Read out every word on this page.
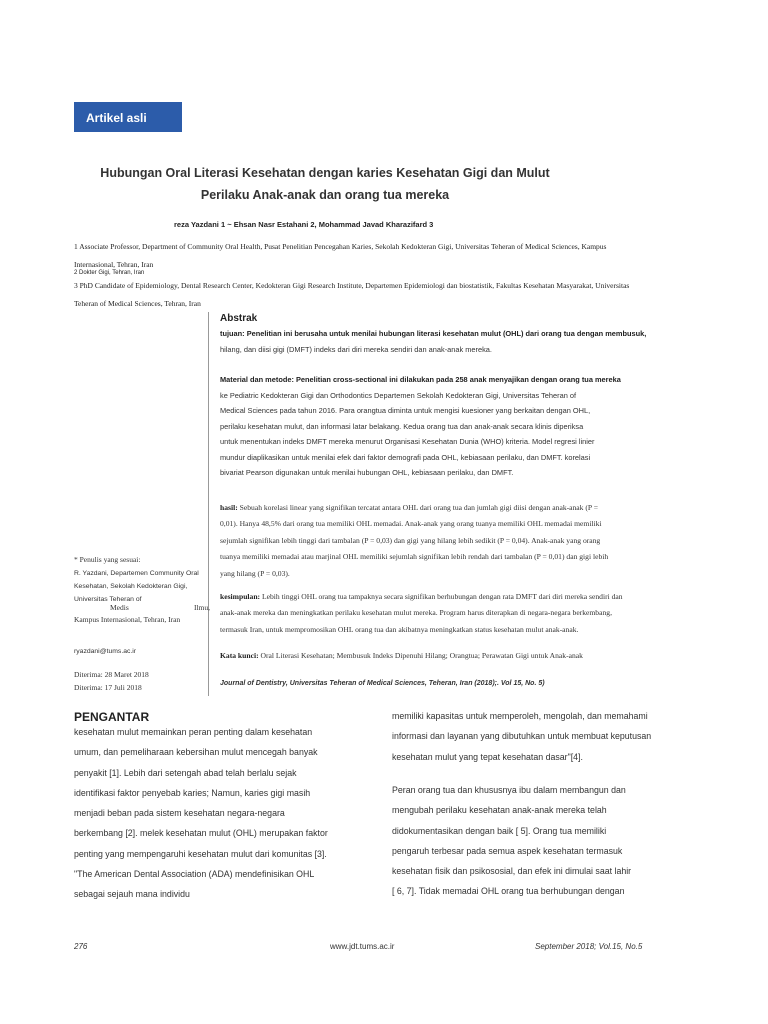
Artikel asli
Hubungan Oral Literasi Kesehatan dengan karies Kesehatan Gigi dan Mulut
Perilaku Anak-anak dan orang tua mereka
reza Yazdani 1 ~ Ehsan Nasr Estahani 2, Mohammad Javad Kharazifard 3
1 Associate Professor, Department of Community Oral Health, Pusat Penelitian Pencegahan Karies, Sekolah Kedokteran Gigi, Universitas Teheran of Medical Sciences, Kampus
Internasional, Tehran, Iran
2 Dokter Gigi, Tehran, Iran
3 PhD Candidate of Epidemiology, Dental Research Center, Kedokteran Gigi Research Institute, Departemen Epidemiologi dan biostatistik, Fakultas Kesehatan Masyarakat, Universitas
Teheran of Medical Sciences, Tehran, Iran
Abstrak
tujuan: Penelitian ini berusaha untuk menilai hubungan literasi kesehatan mulut (OHL) dari orang tua dengan membusuk,
hilang, dan diisi gigi (DMFT) indeks dari diri mereka sendiri dan anak-anak mereka.
Material dan metode: Penelitian cross-sectional ini dilakukan pada 258 anak menyajikan dengan orang tua mereka
ke Pediatric Kedokteran Gigi dan Orthodontics Departemen Sekolah Kedokteran Gigi, Universitas Teheran of
Medical Sciences pada tahun 2016. Para orangtua diminta untuk mengisi kuesioner yang berkaitan dengan OHL,
perilaku kesehatan mulut, dan informasi latar belakang. Kedua orang tua dan anak-anak secara klinis diperiksa
untuk menentukan indeks DMFT mereka menurut Organisasi Kesehatan Dunia (WHO) kriteria. Model regresi linier
mundur diaplikasikan untuk menilai efek dari faktor demografi pada OHL, kebiasaan perilaku, dan DMFT. korelasi
bivariat Pearson digunakan untuk menilai hubungan OHL, kebiasaan perilaku, dan DMFT.
hasil: Sebuah korelasi linear yang signifikan tercatat antara OHL dari orang tua dan jumlah gigi diisi dengan anak-anak (P =
0,01). Hanya 48,5% dari orang tua memiliki OHL memadai. Anak-anak yang orang tuanya memiliki OHL memadai memiliki
sejumlah signifikan lebih tinggi dari tambalan (P = 0,03) dan gigi yang hilang lebih sedikit (P = 0,04). Anak-anak yang orang
tuanya memiliki memadai atau marjinal OHL memiliki sejumlah signifikan lebih rendah dari tambalan (P = 0,01) dan gigi lebih
yang hilang (P = 0,03).
kesimpulan: Lebih tinggi OHL orang tua tampaknya secara signifikan berhubungan dengan rata DMFT dari diri mereka sendiri dan
anak-anak mereka dan meningkatkan perilaku kesehatan mulut mereka. Program harus diterapkan di negara-negara berkembang,
termasuk Iran, untuk mempromosikan OHL orang tua dan akibatnya meningkatkan status kesehatan mulut anak-anak.
Kata kunci: Oral Literasi Kesehatan; Membusuk Indeks Dipenuhi Hilang; Orangtua; Perawatan Gigi untuk Anak-anak
* Penulis yang sesuai:
R. Yazdani, Departemen Community Oral
Kesehatan, Sekolah Kedokteran Gigi,
Universitas Teheran of
Medis	Ilmu,
Kampus Internasional, Tehran, Iran
ryazdani@tums.ac.ir
Diterima: 28 Maret 2018
Diterima: 17 Juli 2018	Journal of Dentistry, Universitas Teheran of Medical Sciences, Teheran, Iran (2018);. Vol 15, No. 5)
PENGANTAR

kesehatan mulut memainkan peran penting dalam kesehatan

umum, dan pemeliharaan kebersihan mulut mencegah banyak

penyakit [1]. Lebih dari setengah abad telah berlalu sejak

identifikasi faktor penyebab karies; Namun, karies gigi masih

menjadi beban pada sistem kesehatan negara-negara

berkembang [2]. melek kesehatan mulut (OHL) merupakan faktor

penting yang mempengaruhi kesehatan mulut dari komunitas [3].

"The American Dental Association (ADA) mendefinisikan OHL

sebagai sejauh mana individu

memiliki kapasitas untuk memperoleh, mengolah, dan memahami

informasi dan layanan yang dibutuhkan untuk membuat keputusan

kesehatan mulut yang tepat kesehatan dasar"[4].

Peran orang tua dan khususnya ibu dalam membangun dan

mengubah perilaku kesehatan anak-anak mereka telah

didokumentasikan dengan baik [ 5]. Orang tua memiliki

pengaruh terbesar pada semua aspek kesehatan termasuk

kesehatan fisik dan psikososial, dan efek ini dimulai saat lahir

[ 6, 7]. Tidak memadai OHL orang tua berhubungan dengan

276	www.jdt.tums.ac.ir	September 2018; Vol.15, No.5
